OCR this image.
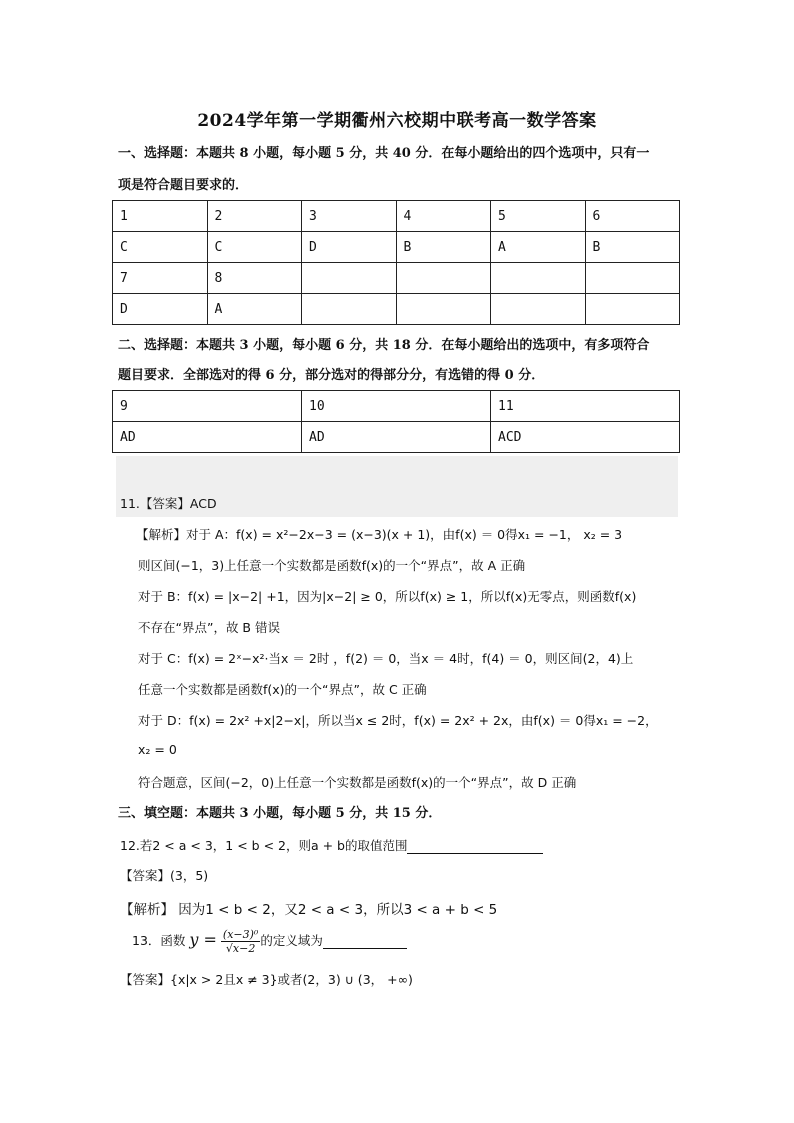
2024学年第一学期衢州六校期中联考高一数学答案
一、选择题：本题共 8 小题，每小题 5 分，共 40 分．在每小题给出的四个选项中，只有一
项是符合题目要求的．
1	2	3	4	5	6
C	C	D	B	A	B
7	8				
D	A				
二、选择题：本题共 3 小题，每小题 6 分，共 18 分．在每小题给出的选项中，有多项符合
题目要求．全部选对的得 6 分，部分选对的得部分分，有选错的得 0 分．
9	10	11
AD	AD	ACD
11.【答案】ACD
【解析】对于 A：f(x) = x²−2x−3 = (x−3)(x + 1)，由f(x) ＝ 0得x₁ = −1， x₂ = 3
则区间(−1，3)上任意一个实数都是函数f(x)的一个“界点”，故 A 正确
对于 B：f(x) = |x−2| +1，因为|x−2| ≥ 0，所以f(x) ≥ 1，所以f(x)无零点，则函数f(x)
不存在“界点”，故 B 错误
对于 C：f(x) = 2ˣ−x²·当x ＝ 2时 ，f(2) ＝ 0，当x ＝ 4时，f(4) ＝ 0，则区间(2，4)上
任意一个实数都是函数f(x)的一个“界点”，故 C 正确
对于 D：f(x) = 2x² +x|2−x|，所以当x ≤ 2时，f(x) = 2x² + 2x，由f(x) ＝ 0得x₁ = −2，
x₂ = 0
符合题意，区间(−2，0)上任意一个实数都是函数f(x)的一个“界点”，故 D 正确
三、填空题：本题共 3 小题，每小题 5 分，共 15 分．
12.若2 < a < 3，1 < b < 2，则a + b的取值范围
【答案】(3，5)
【解析】 因为1 < b < 2，又2 < a < 3，所以3 < a + b < 5
13．函数 $y = \frac{\text{(x−3)⁰}}{√x-2}$ 的定义域为
【答案】{x|x > 2且x ≠ 3}或者(2，3) ∪ (3， +∞)
